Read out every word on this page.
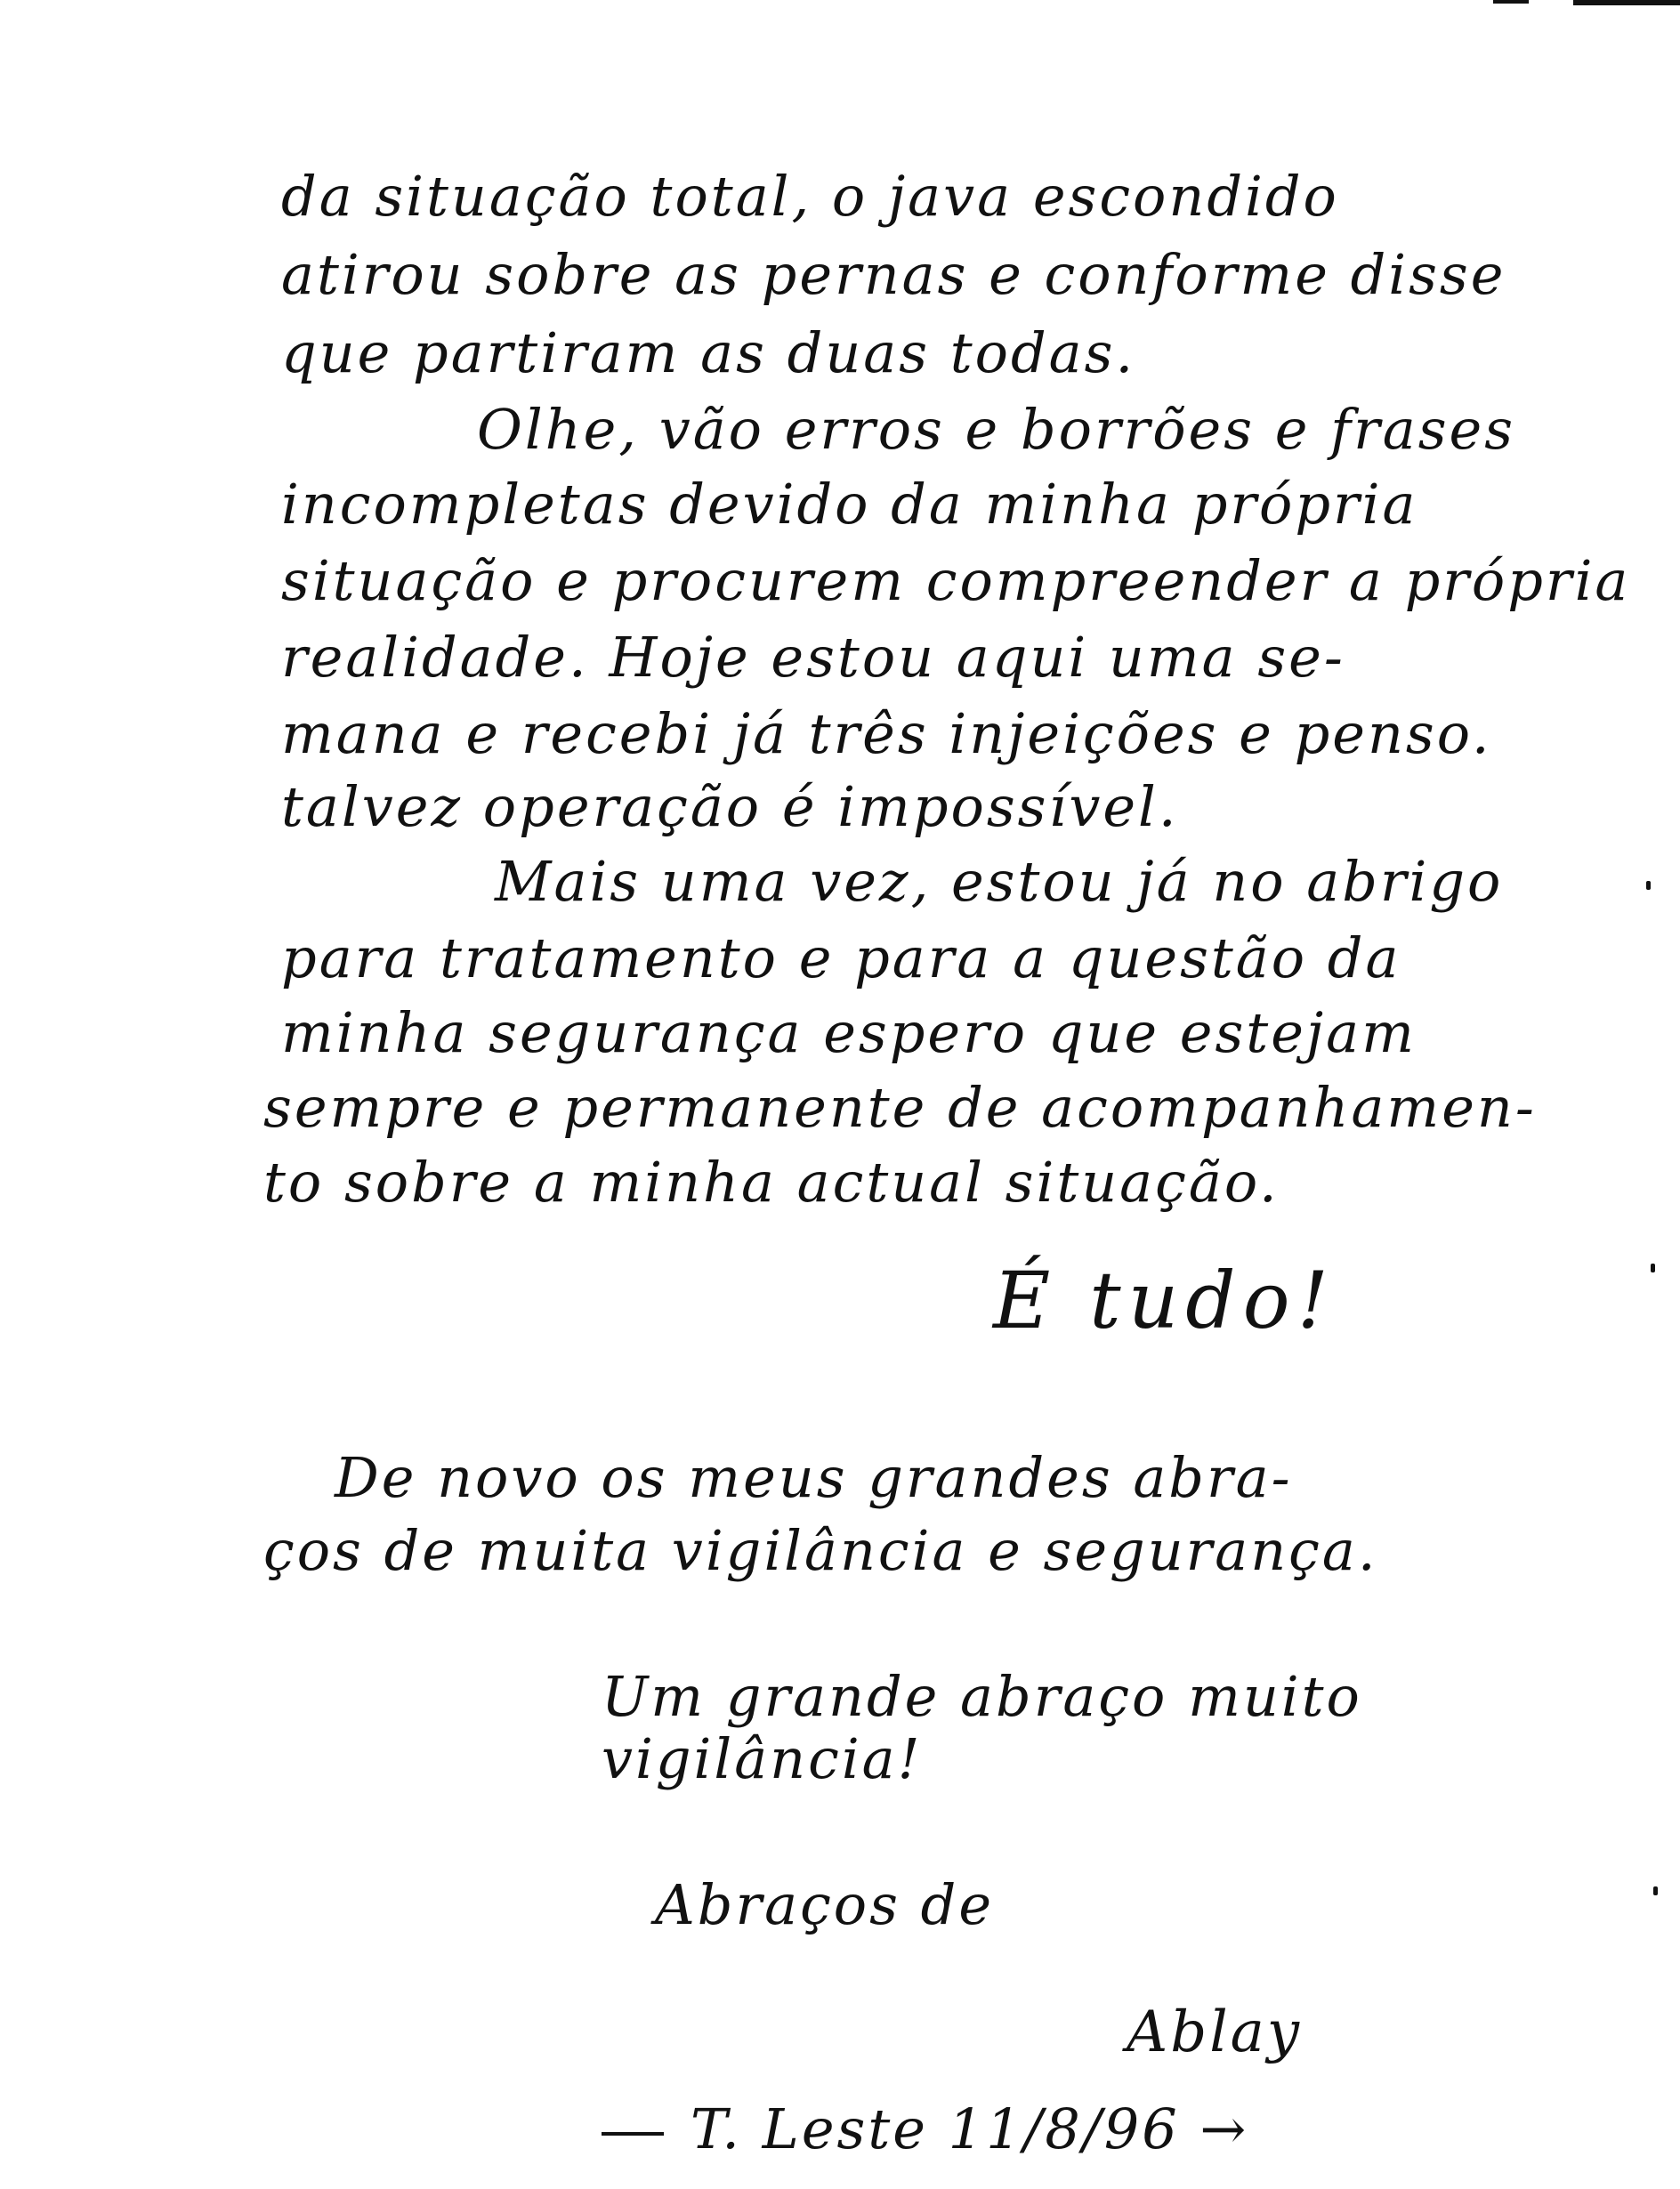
da situação total, o java escondido
atirou sobre as pernas e conforme disse
que partiram as duas todas.
Olhe, vão erros e borrões e frases
incompletas devido da minha própria
situação e procurem compreender a própria
realidade. Hoje estou aqui uma se-
mana e recebi já três injeições e penso.
talvez operação é impossível.
Mais uma vez, estou já no abrigo
para tratamento e para a questão da
minha segurança espero que estejam
sempre e permanente de acompanhamen-
to sobre a minha actual situação.
É tudo!
De novo os meus grandes abra-
ços de muita vigilância e segurança.
Um grande abraço muito
vigilância!
Abraços de
Ablay
T. Leste 11/8/96 →
